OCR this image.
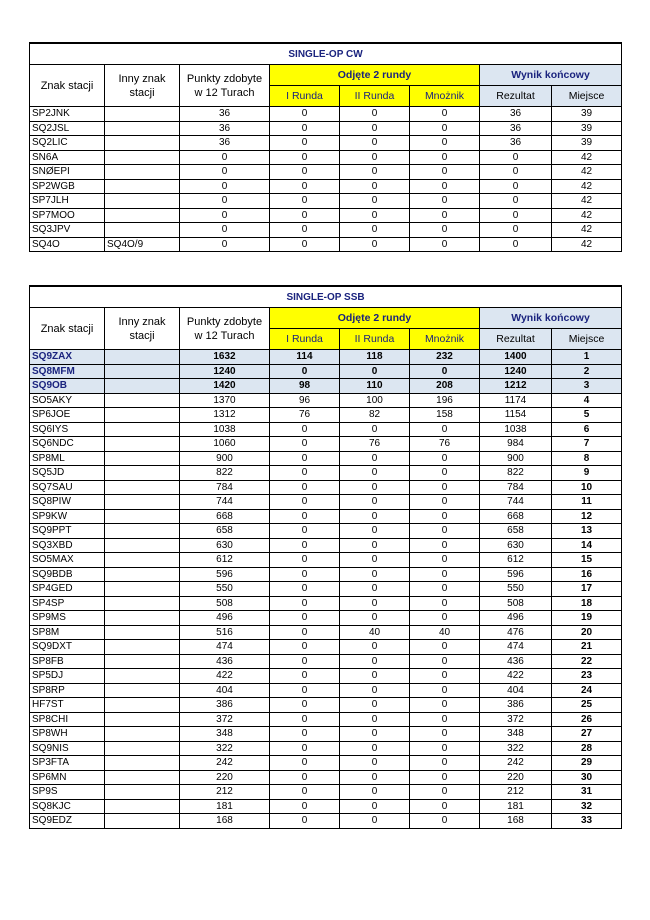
SINGLE-OP CW							
Znak stacji	Inny znak stacji	Punkty zdobyte w 12 Turach	Odjęte 2 rundy			Wynik końcowy	
			I Runda	II Runda	Mnożnik	Rezultat	Miejsce
SP2JNK		36	0	0	0	36	39
SQ2JSL		36	0	0	0	36	39
SQ2LIC		36	0	0	0	36	39
SN6A		0	0	0	0	0	42
SNØEPI		0	0	0	0	0	42
SP2WGB		0	0	0	0	0	42
SP7JLH		0	0	0	0	0	42
SP7MOO		0	0	0	0	0	42
SQ3JPV		0	0	0	0	0	42
SQ4O	SQ4O/9	0	0	0	0	0	42
SINGLE-OP SSB							
Znak stacji	Inny znak stacji	Punkty zdobyte w 12 Turach	Odjęte 2 rundy			Wynik końcowy	
			I Runda	II Runda	Mnożnik	Rezultat	Miejsce
SQ9ZAX		1632	114	118	232	1400	1
SQ8MFM		1240	0	0	0	1240	2
SQ9OB		1420	98	110	208	1212	3
SO5AKY		1370	96	100	196	1174	4
SP6JOE		1312	76	82	158	1154	5
SQ6IYS		1038	0	0	0	1038	6
SQ6NDC		1060	0	76	76	984	7
SP8ML		900	0	0	0	900	8
SQ5JD		822	0	0	0	822	9
SQ7SAU		784	0	0	0	784	10
SQ8PIW		744	0	0	0	744	11
SP9KW		668	0	0	0	668	12
SQ9PPT		658	0	0	0	658	13
SQ3XBD		630	0	0	0	630	14
SO5MAX		612	0	0	0	612	15
SQ9BDB		596	0	0	0	596	16
SP4GED		550	0	0	0	550	17
SP4SP		508	0	0	0	508	18
SP9MS		496	0	0	0	496	19
SP8M		516	0	40	40	476	20
SQ9DXT		474	0	0	0	474	21
SP8FB		436	0	0	0	436	22
SP5DJ		422	0	0	0	422	23
SP8RP		404	0	0	0	404	24
HF7ST		386	0	0	0	386	25
SP8CHI		372	0	0	0	372	26
SP8WH		348	0	0	0	348	27
SQ9NIS		322	0	0	0	322	28
SP3FTA		242	0	0	0	242	29
SP6MN		220	0	0	0	220	30
SP9S		212	0	0	0	212	31
SQ8KJC		181	0	0	0	181	32
SQ9EDZ		168	0	0	0	168	33
